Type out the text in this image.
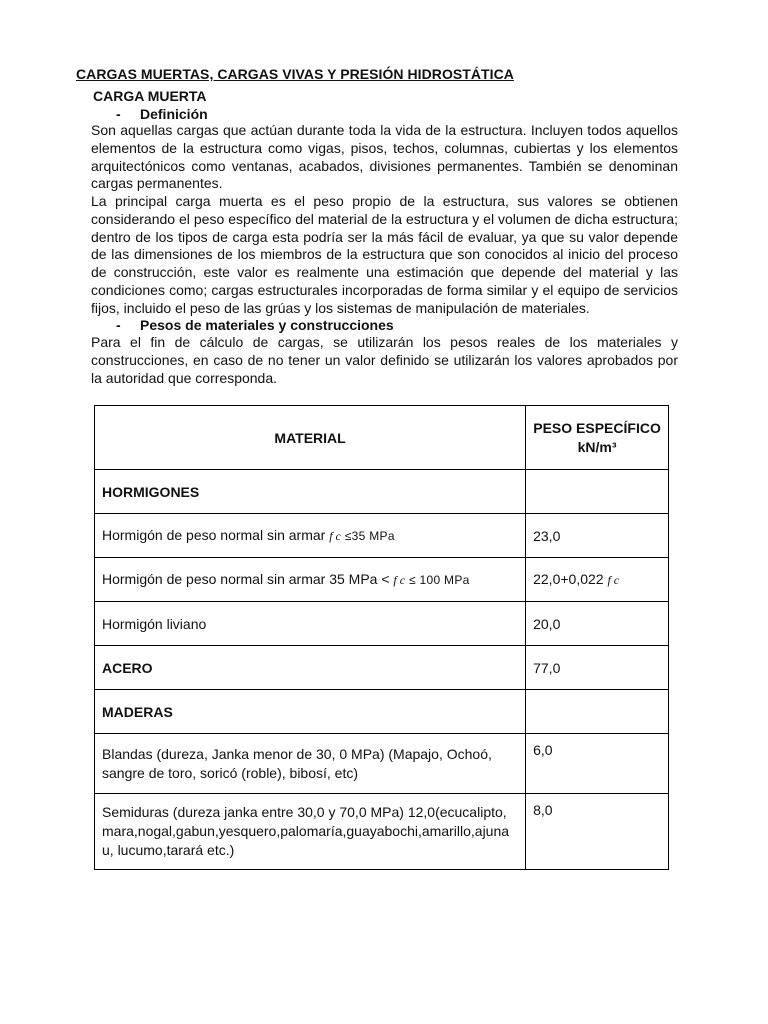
CARGAS MUERTAS, CARGAS VIVAS Y PRESIÓN HIDROSTÁTICA
CARGA MUERTA
- Definición

Son aquellas cargas que actúan durante toda la vida de la estructura. Incluyen todos aquellos elementos de la estructura como vigas, pisos, techos, columnas, cubiertas y los elementos arquitectónicos como ventanas, acabados, divisiones permanentes. También se denominan cargas permanentes.

La principal carga muerta es el peso propio de la estructura, sus valores se obtienen considerando el peso específico del material de la estructura y el volumen de dicha estructura; dentro de los tipos de carga esta podría ser la más fácil de evaluar, ya que su valor depende de las dimensiones de los miembros de la estructura que son conocidos al inicio del proceso de construcción, este valor es realmente una estimación que depende del material y las condiciones como; cargas estructurales incorporadas de forma similar y el equipo de servicios fijos, incluido el peso de las grúas y los sistemas de manipulación de materiales.

- Pesos de materiales y construcciones

Para el fin de cálculo de cargas, se utilizarán los pesos reales de los materiales y construcciones, en caso de no tener un valor definido se utilizarán los valores aprobados por la autoridad que corresponda.

MATERIAL	PESO ESPECÍFICO
kN/m³

HORMIGONES	
Hormigón de peso normal sin armar f c ≤35 MPa	23,0
Hormigón de peso normal sin armar 35 MPa < f c ≤ 100 MPa	22,0+0,022 f c
Hormigón liviano	20,0
ACERO	77,0
MADERAS	
Blandas (dureza, Janka menor de 30, 0 MPa) (Mapajo, Ochoó, sangre de toro, soricó (roble), bibosí, etc)	6,0
Semiduras (dureza janka entre 30,0 y 70,0 MPa) 12,0(ecucalipto, mara,nogal,gabun,yesquero,palomaría,guayabochi,amarillo,ajunau, lucumo,tarará etc.)	8,0
